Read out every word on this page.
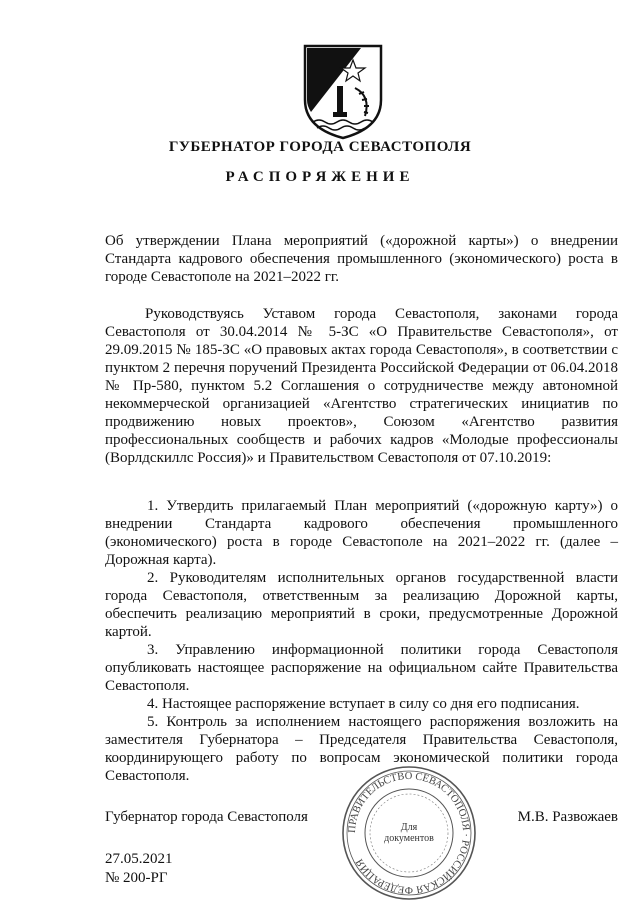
ГУБЕРНАТОР ГОРОДА СЕВАСТОПОЛЯ
РАСПОРЯЖЕНИЕ
Об утверждении Плана мероприятий («дорожной карты») о внедрении Стандарта кадрового обеспечения промышленного (экономического) роста в городе Севастополе на 2021–2022 гг.
Руководствуясь Уставом города Севастополя, законами города Севастополя от 30.04.2014 № 5-ЗС «О Правительстве Севастополя», от 29.09.2015 № 185-ЗС «О правовых актах города Севастополя», в соответствии с пунктом 2 перечня поручений Президента Российской Федерации от 06.04.2018 № Пр-580, пунктом 5.2 Соглашения о сотрудничестве между автономной некоммерческой организацией «Агентство стратегических инициатив по продвижению новых проектов», Союзом «Агентство развития профессиональных сообществ и рабочих кадров «Молодые профессионалы (Ворлдскиллс Россия)» и Правительством Севастополя от 07.10.2019:
1. Утвердить прилагаемый План мероприятий («дорожную карту») о внедрении Стандарта кадрового обеспечения промышленного (экономического) роста в городе Севастополе на 2021–2022 гг. (далее – Дорожная карта).
2. Руководителям исполнительных органов государственной власти города Севастополя, ответственным за реализацию Дорожной карты, обеспечить реализацию мероприятий в сроки, предусмотренные Дорожной картой.
3. Управлению информационной политики города Севастополя опубликовать настоящее распоряжение на официальном сайте Правительства Севастополя.
4. Настоящее распоряжение вступает в силу со дня его подписания.
5. Контроль за исполнением настоящего распоряжения возложить на заместителя Губернатора – Председателя Правительства Севастополя, координирующего работу по вопросам экономической политики города Севастополя.
ПРАВИТЕЛЬСТВО СЕВАСТОПОЛЯ · РОССИЙСКАЯ ФЕДЕРАЦИЯ
Для
документов
Губернатор города Севастополя	М.В. Развожаев
27.05.2021
№ 200-РГ
